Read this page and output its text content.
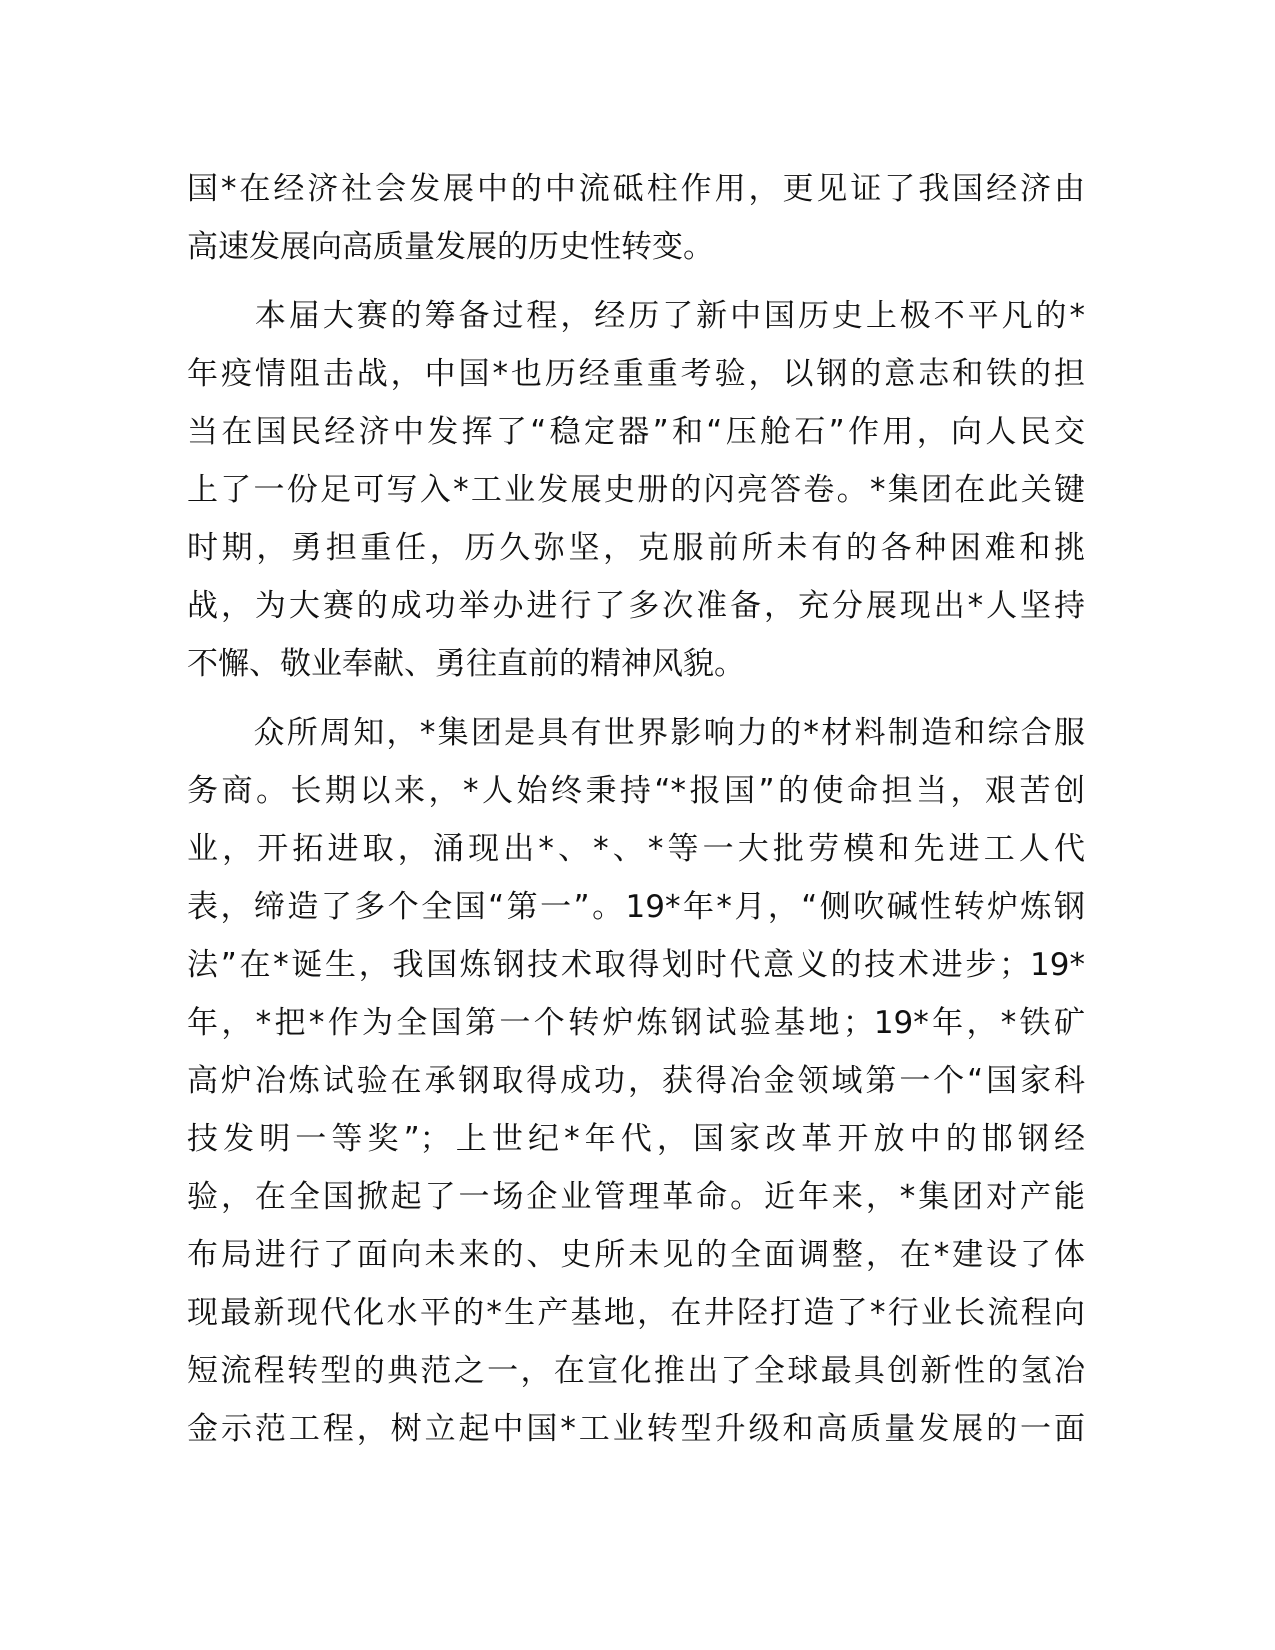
国*在经济社会发展中的中流砥柱作用，更见证了我国经济由
高速发展向高质量发展的历史性转变。
　　本届大赛的筹备过程，经历了新中国历史上极不平凡的*
年疫情阻击战，中国*也历经重重考验，以钢的意志和铁的担
当在国民经济中发挥了“稳定器”和“压舱石”作用，向人民交
上了一份足可写入*工业发展史册的闪亮答卷。*集团在此关键
时期，勇担重任，历久弥坚，克服前所未有的各种困难和挑
战，为大赛的成功举办进行了多次准备，充分展现出*人坚持
不懈、敬业奉献、勇往直前的精神风貌。
　　众所周知，*集团是具有世界影响力的*材料制造和综合服
务商。长期以来，*人始终秉持“*报国”的使命担当，艰苦创
业，开拓进取，涌现出*、*、*等一大批劳模和先进工人代
表，缔造了多个全国“第一”。19*年*月，“侧吹碱性转炉炼钢
法”在*诞生，我国炼钢技术取得划时代意义的技术进步；19*
年，*把*作为全国第一个转炉炼钢试验基地；19*年，*铁矿
高炉冶炼试验在承钢取得成功，获得冶金领域第一个“国家科
技发明一等奖”；上世纪*年代，国家改革开放中的邯钢经
验，在全国掀起了一场企业管理革命。近年来，*集团对产能
布局进行了面向未来的、史所未见的全面调整，在*建设了体
现最新现代化水平的*生产基地，在井陉打造了*行业长流程向
短流程转型的典范之一，在宣化推出了全球最具创新性的氢冶
金示范工程，树立起中国*工业转型升级和高质量发展的一面
